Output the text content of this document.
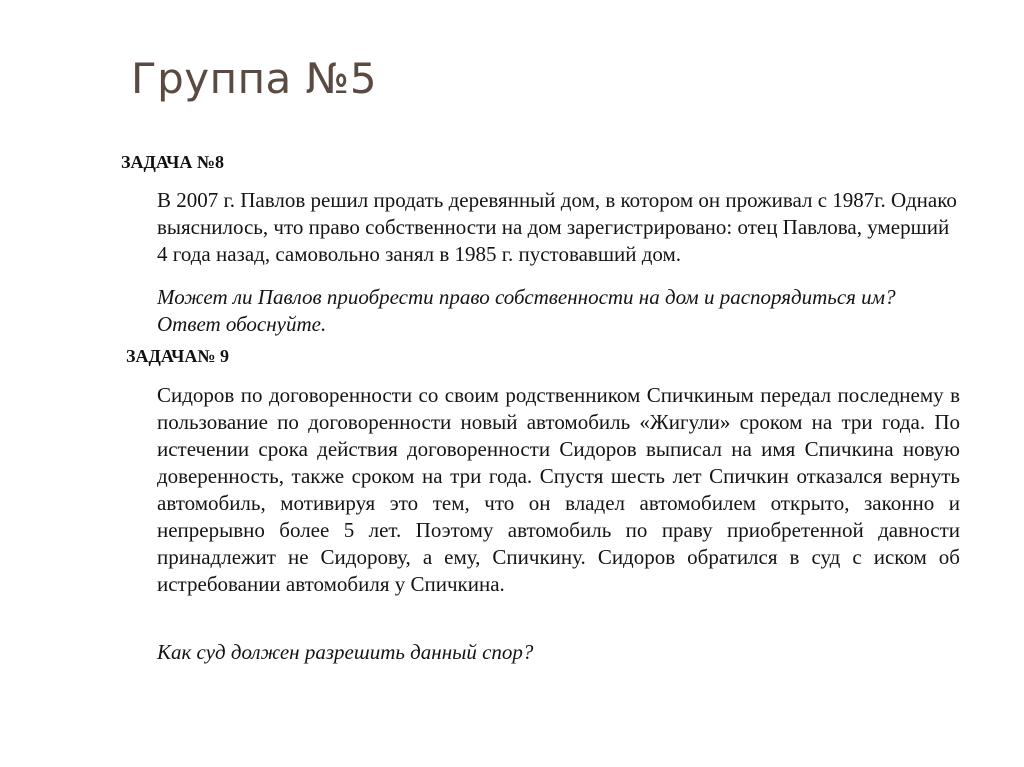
Группа №5
ЗАДАЧА №8

В 2007 г. Павлов решил продать деревянный дом, в котором он проживал с 1987г. Однако выяснилось, что право собственности на дом зарегистрировано: отец Павлова, умерший 4 года назад, самовольно занял в 1985 г. пустовавший дом.

Может ли Павлов приобрести право собственности на дом и распорядиться им? Ответ обоснуйте.

ЗАДАЧА№ 9

Сидоров по договоренности со своим родственником Спичкиным передал последнему в пользование по договоренности новый автомобиль «Жигули» сроком на три года. По истечении срока действия договоренности Сидоров выписал на имя Спичкина новую доверенность, также сроком на три года. Спустя шесть лет Спичкин отказался вернуть автомобиль, мотивируя это тем, что он владел автомобилем открыто, законно и непрерывно более 5 лет. Поэтому автомобиль по праву приобретенной давности принадлежит не Сидорову, а ему, Спичкину. Сидоров обратился в суд с иском об истребовании автомобиля у Спичкина.

Как суд должен разрешить данный спор?
